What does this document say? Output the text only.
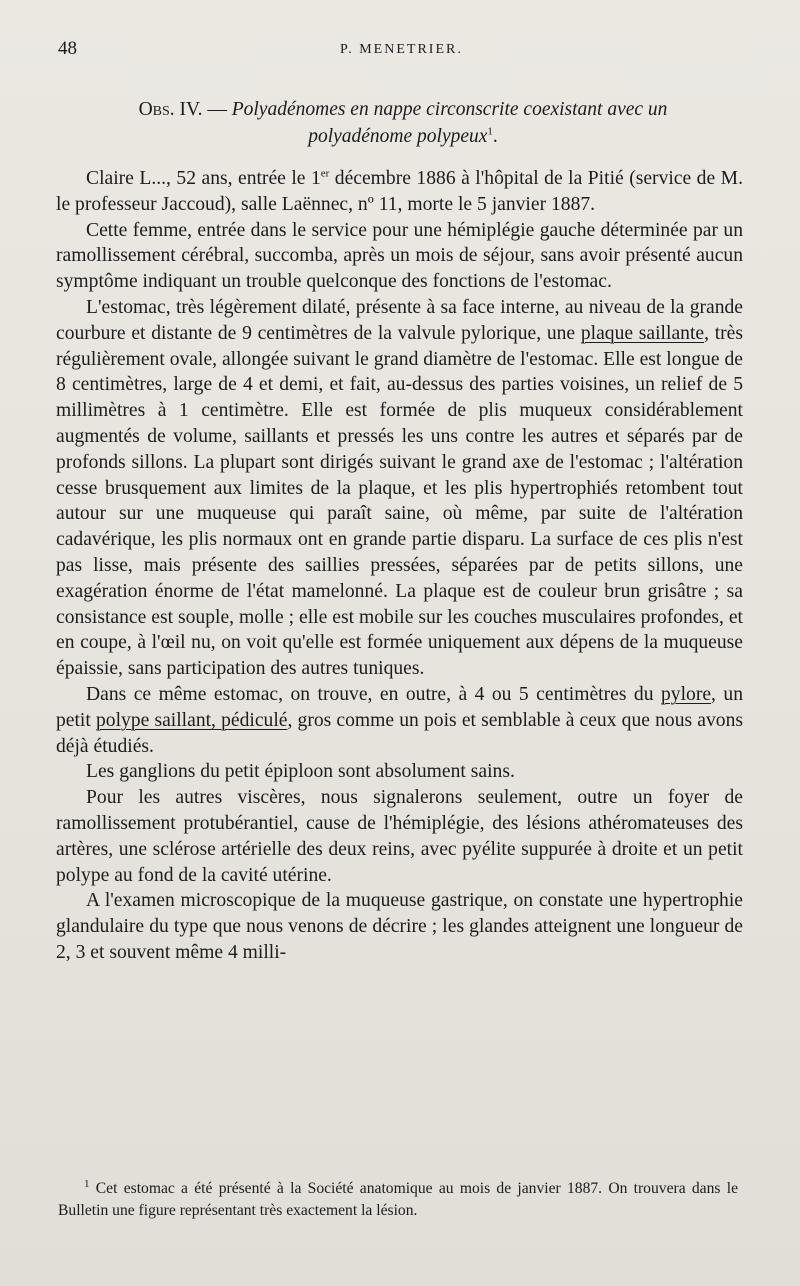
48	P. MENETRIER.
Obs. IV. — Polyadénomes en nappe circonscrite coexistant avec un
polyadénome polypeux$^1$.

Claire L..., 52 ans, entrée le 1er décembre 1886 à l'hôpital de la Pitié (service de M. le professeur Jaccoud), salle Laënnec, nº 11, morte le 5 janvier 1887.

Cette femme, entrée dans le service pour une hémiplégie gauche déterminée par un ramollissement cérébral, succomba, après un mois de séjour, sans avoir présenté aucun symptôme indiquant un trouble quelconque des fonctions de l'estomac.

L'estomac, très légèrement dilaté, présente à sa face interne, au niveau de la grande courbure et distante de 9 centimètres de la valvule pylorique, une plaque saillante, très régulièrement ovale, allongée suivant le grand diamètre de l'estomac. Elle est longue de 8 centimètres, large de 4 et demi, et fait, au-dessus des parties voisines, un relief de 5 millimètres à 1 centimètre. Elle est formée de plis muqueux considérablement augmentés de volume, saillants et pressés les uns contre les autres et séparés par de profonds sillons. La plupart sont dirigés suivant le grand axe de l'estomac ; l'altération cesse brusquement aux limites de la plaque, et les plis hypertrophiés retombent tout autour sur une muqueuse qui paraît saine, où même, par suite de l'altération cadavérique, les plis normaux ont en grande partie disparu. La surface de ces plis n'est pas lisse, mais présente des saillies pressées, séparées par de petits sillons, une exagération énorme de l'état mamelonné. La plaque est de couleur brun grisâtre ; sa consistance est souple, molle ; elle est mobile sur les couches musculaires profondes, et en coupe, à l'œil nu, on voit qu'elle est formée uniquement aux dépens de la muqueuse épaissie, sans participation des autres tuniques.

Dans ce même estomac, on trouve, en outre, à 4 ou 5 centimètres du pylore, un petit polype saillant, pédiculé, gros comme un pois et semblable à ceux que nous avons déjà étudiés.

Les ganglions du petit épiploon sont absolument sains.

Pour les autres viscères, nous signalerons seulement, outre un foyer de ramollissement protubérantiel, cause de l'hémiplégie, des lésions athéromateuses des artères, une sclérose artérielle des deux reins, avec pyélite suppurée à droite et un petit polype au fond de la cavité utérine.

A l'examen microscopique de la muqueuse gastrique, on constate une hypertrophie glandulaire du type que nous venons de décrire ; les glandes atteignent une longueur de 2, 3 et souvent même 4 milli-

$^1$ Cet estomac a été présenté à la Société anatomique au mois de janvier 1887. On trouvera dans le Bulletin une figure représentant très exactement la lésion.
